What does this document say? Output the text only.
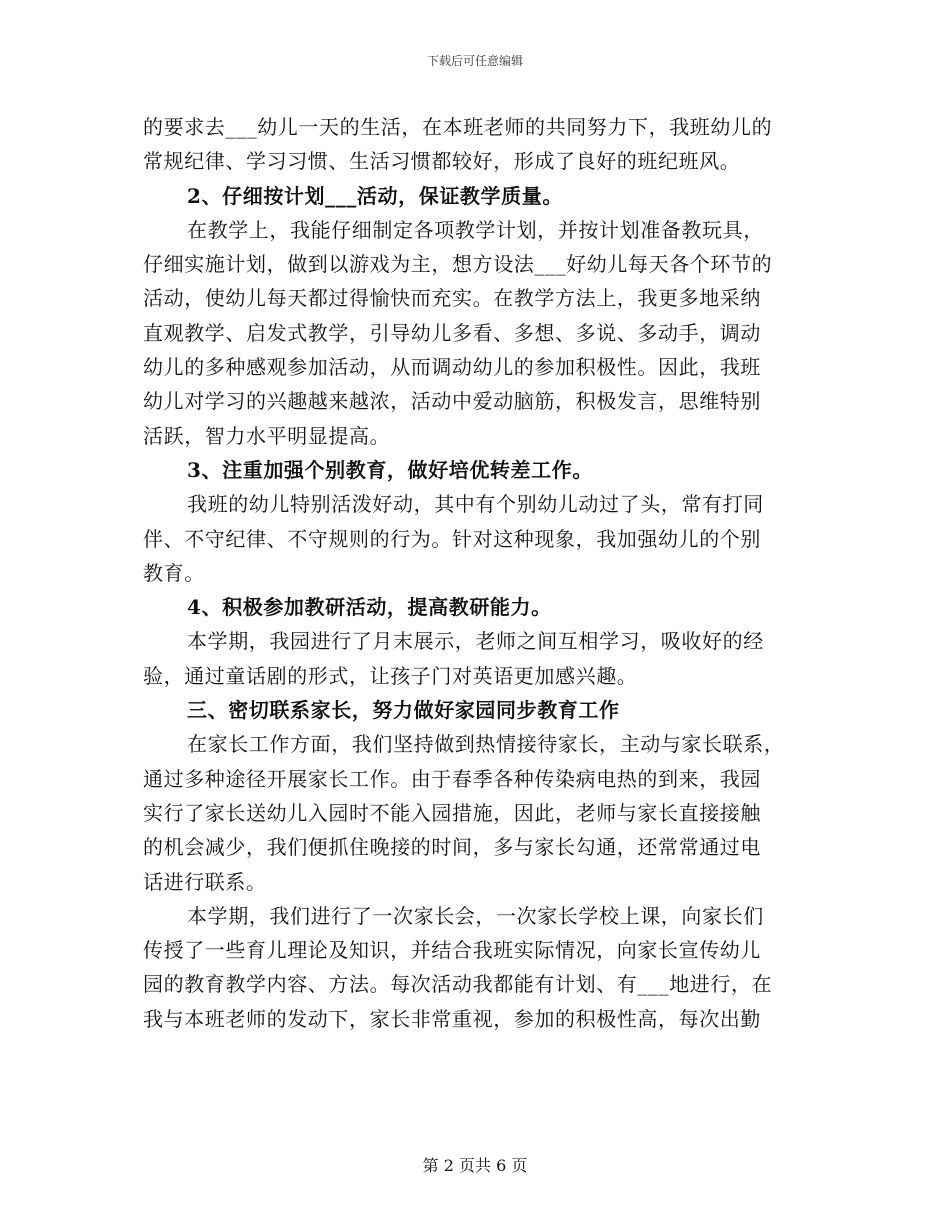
下载后可任意编辑
的要求去___幼儿一天的生活，在本班老师的共同努力下，我班幼儿的
常规纪律、学习习惯、生活习惯都较好，形成了良好的班纪班风。
2、仔细按计划___活动，保证教学质量。
在教学上，我能仔细制定各项教学计划，并按计划准备教玩具，
仔细实施计划，做到以游戏为主，想方设法___好幼儿每天各个环节的
活动，使幼儿每天都过得愉快而充实。在教学方法上，我更多地采纳
直观教学、启发式教学，引导幼儿多看、多想、多说、多动手，调动
幼儿的多种感观参加活动，从而调动幼儿的参加积极性。因此，我班
幼儿对学习的兴趣越来越浓，活动中爱动脑筋，积极发言，思维特别
活跃，智力水平明显提高。
3、注重加强个别教育，做好培优转差工作。
我班的幼儿特别活泼好动，其中有个别幼儿动过了头，常有打同
伴、不守纪律、不守规则的行为。针对这种现象，我加强幼儿的个别
教育。
4、积极参加教研活动，提高教研能力。
本学期，我园进行了月末展示，老师之间互相学习，吸收好的经
验，通过童话剧的形式，让孩子门对英语更加感兴趣。
三、密切联系家长，努力做好家园同步教育工作
在家长工作方面，我们坚持做到热情接待家长，主动与家长联系，
通过多种途径开展家长工作。由于春季各种传染病电热的到来，我园
实行了家长送幼儿入园时不能入园措施，因此，老师与家长直接接触
的机会减少，我们便抓住晚接的时间，多与家长勾通，还常常通过电
话进行联系。
本学期，我们进行了一次家长会，一次家长学校上课，向家长们
传授了一些育儿理论及知识，并结合我班实际情况，向家长宣传幼儿
园的教育教学内容、方法。每次活动我都能有计划、有___地进行，在
我与本班老师的发动下，家长非常重视，参加的积极性高，每次出勤
第 2 页共 6 页
